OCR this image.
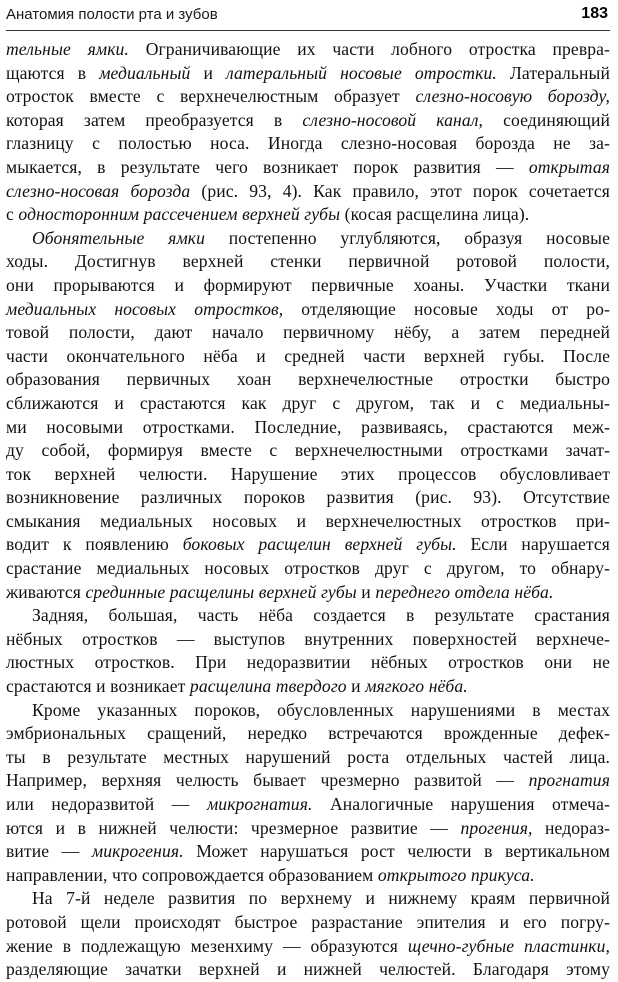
Анатомия полости рта и зубов	183
тельные ямки. Ограничивающие их части лобного отростка превра-
щаются в медиальный и латеральный носовые отростки. Латеральный
отросток вместе с верхнечелюстным образует слезно-носовую борозду,
которая затем преобразуется в слезно-носовой канал, соединяющий
глазницу с полостью носа. Иногда слезно-носовая борозда не за-
мыкается, в результате чего возникает порок развития — открытая
слезно-носовая борозда (рис. 93, 4). Как правило, этот порок сочетается
с односторонним рассечением верхней губы (косая расщелина лица).
Обонятельные ямки постепенно углубляются, образуя носовые
ходы. Достигнув верхней стенки первичной ротовой полости,
они прорываются и формируют первичные хоаны. Участки ткани
медиальных носовых отростков, отделяющие носовые ходы от ро-
товой полости, дают начало первичному нёбу, а затем передней
части окончательного нёба и средней части верхней губы. После
образования первичных хоан верхнечелюстные отростки быстро
сближаются и срастаются как друг с другом, так и с медиальны-
ми носовыми отростками. Последние, развиваясь, срастаются меж-
ду собой, формируя вместе с верхнечелюстными отростками зачат-
ток верхней челюсти. Нарушение этих процессов обусловливает
возникновение различных пороков развития (рис. 93). Отсутствие
смыкания медиальных носовых и верхнечелюстных отростков при-
водит к появлению боковых расщелин верхней губы. Если нарушается
срастание медиальных носовых отростков друг с другом, то обнару-
живаются срединные расщелины верхней губы и переднего отдела нёба.
Задняя, большая, часть нёба создается в результате срастания
нёбных отростков — выступов внутренних поверхностей верхнече-
люстных отростков. При недоразвитии нёбных отростков они не
срастаются и возникает расщелина твердого и мягкого нёба.
Кроме указанных пороков, обусловленных нарушениями в местах
эмбриональных сращений, нередко встречаются врожденные дефек-
ты в результате местных нарушений роста отдельных частей лица.
Например, верхняя челюсть бывает чрезмерно развитой — прогнатия
или недоразвитой — микрогнатия. Аналогичные нарушения отмеча-
ются и в нижней челюсти: чрезмерное развитие — прогения, недораз-
витие — микрогения. Может нарушаться рост челюсти в вертикальном
направлении, что сопровождается образованием открытого прикуса.
На 7-й неделе развития по верхнему и нижнему краям первичной
ротовой щели происходят быстрое разрастание эпителия и его погру-
жение в подлежащую мезенхиму — образуются щечно-губные пластинки,
разделяющие зачатки верхней и нижней челюстей. Благодаря этому
